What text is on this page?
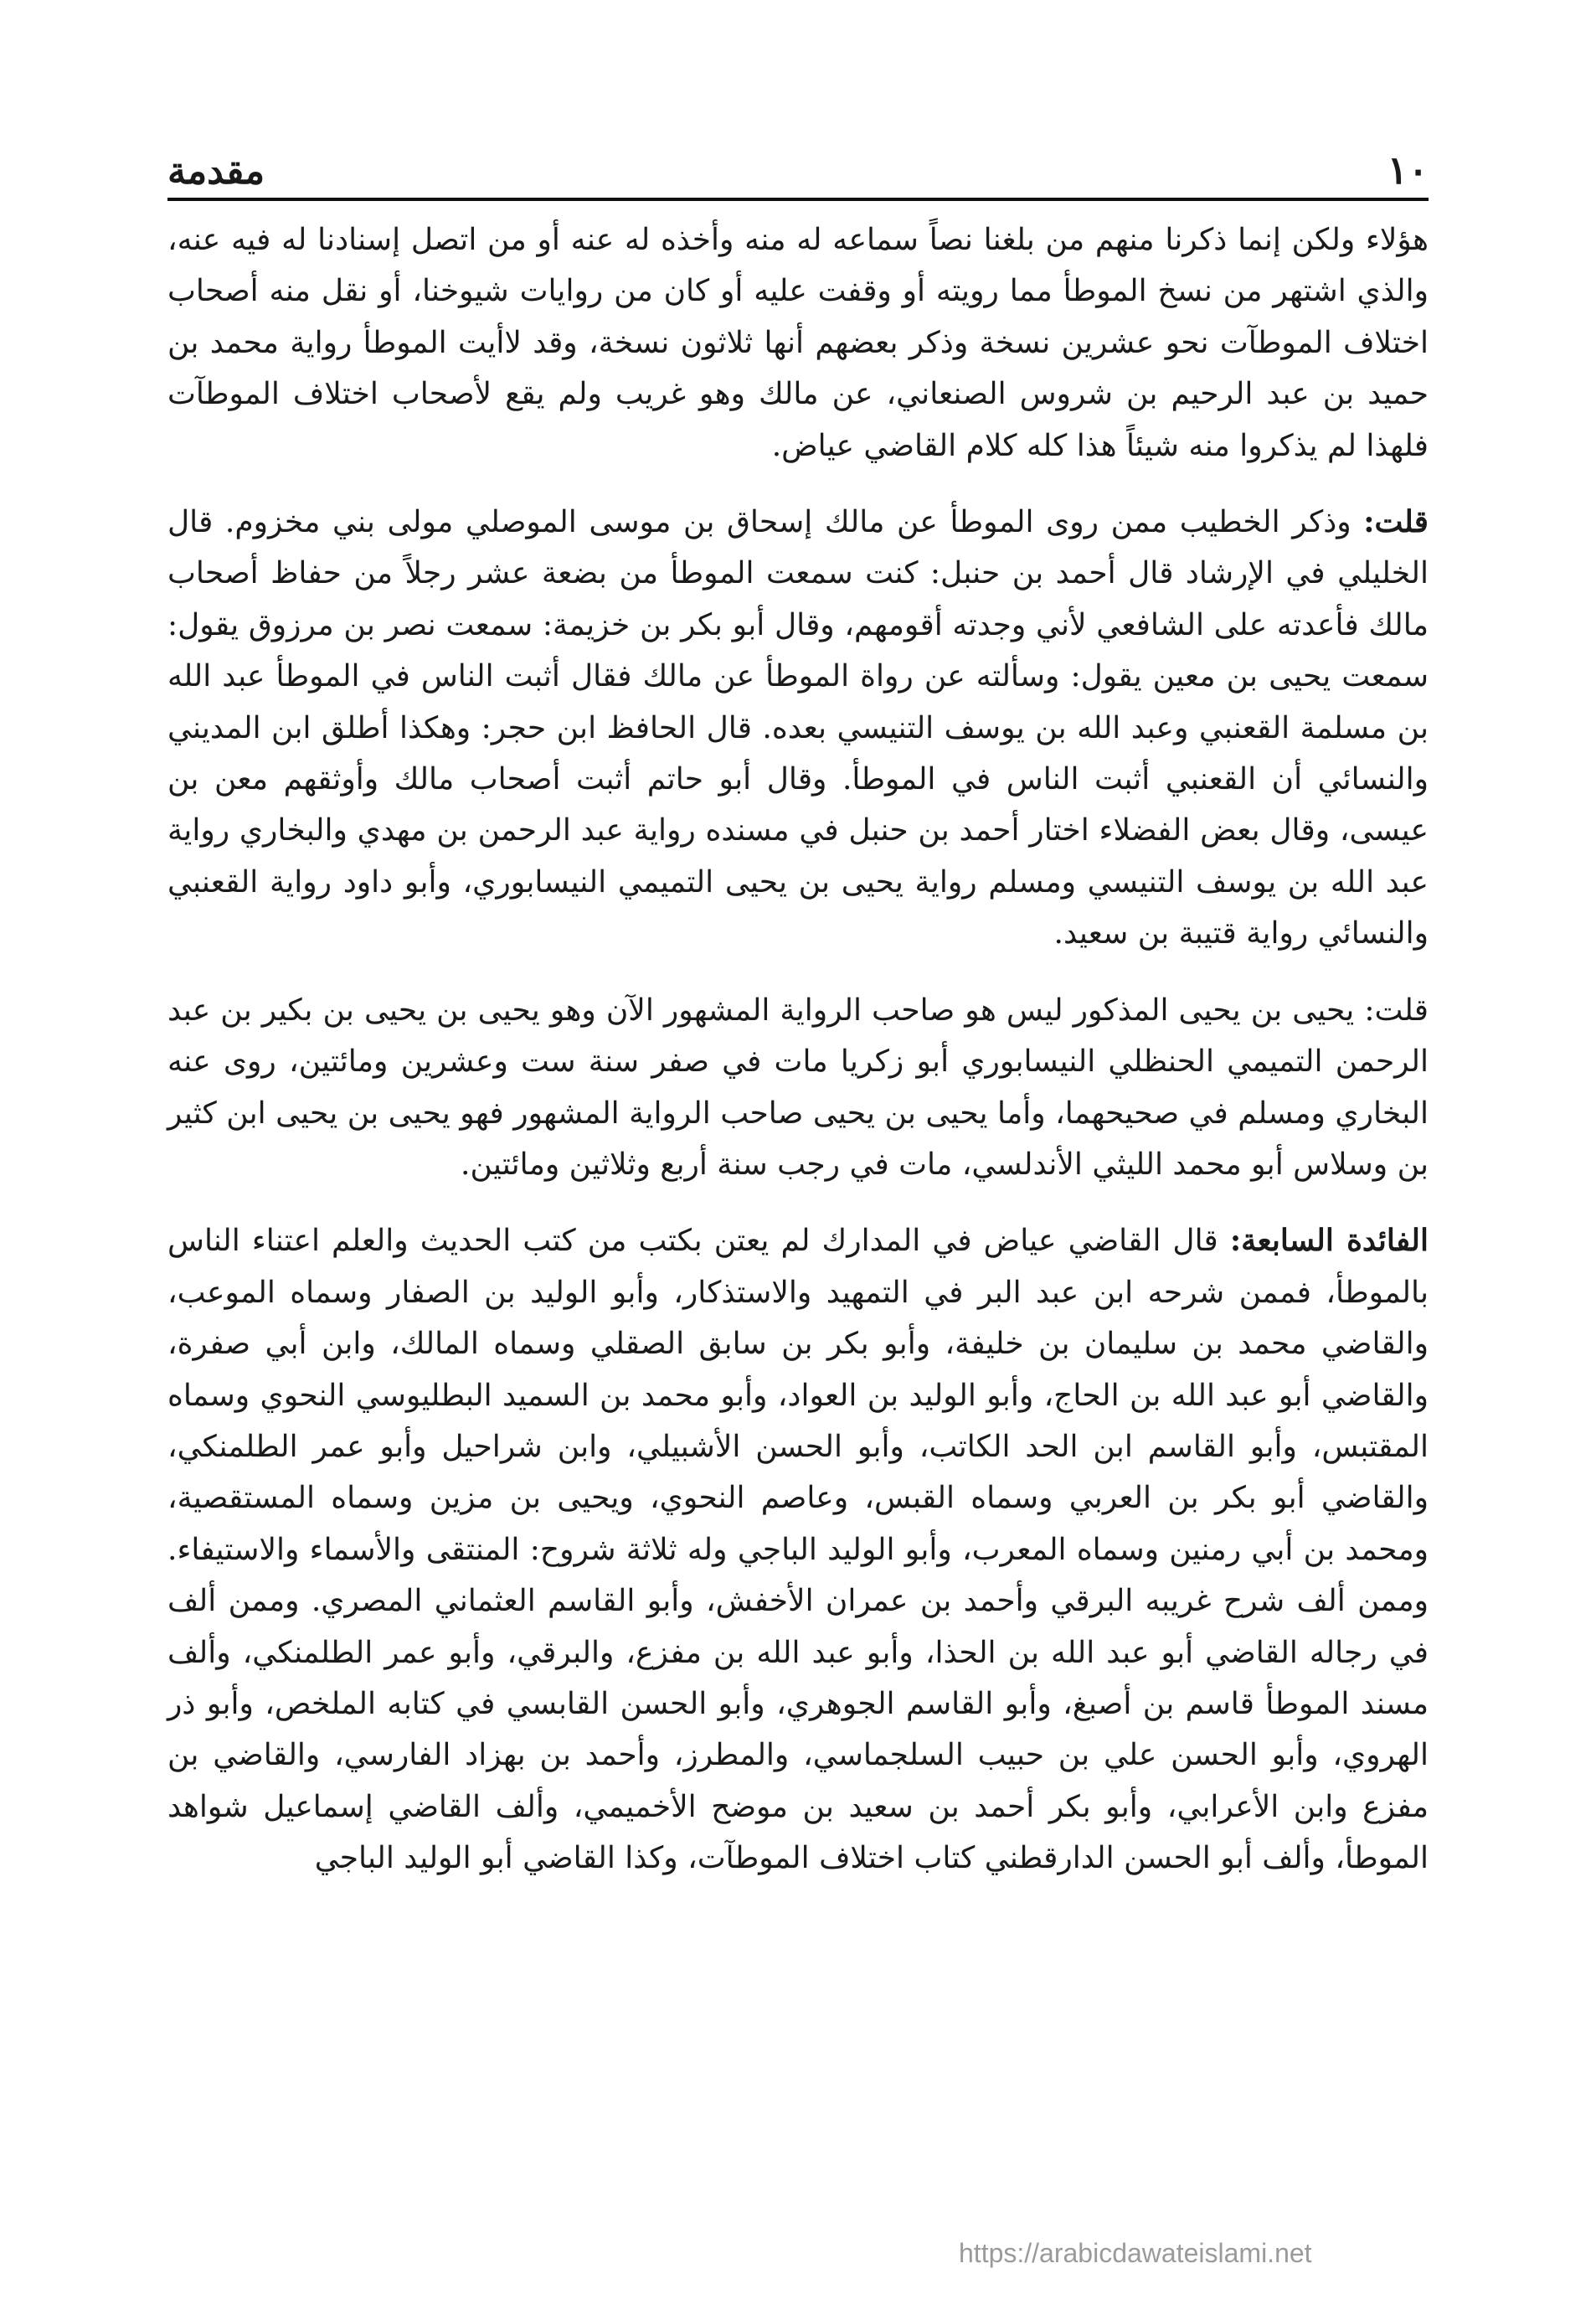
١٠
مقدمة

هؤلاء ولكن إنما ذكرنا منهم من بلغنا نصاً سماعه له منه وأخذه له عنه أو من اتصل إسنادنا له فيه عنه، والذي اشتهر من نسخ الموطأ مما رويته أو وقفت عليه أو كان من روايات شيوخنا، أو نقل منه أصحاب اختلاف الموطآت نحو عشرين نسخة وذكر بعضهم أنها ثلاثون نسخة، وقد لاأيت الموطأ رواية محمد بن حميد بن عبد الرحيم بن شروس الصنعاني، عن مالك وهو غريب ولم يقع لأصحاب اختلاف الموطآت فلهذا لم يذكروا منه شيئاً هذا كله كلام القاضي عياض.

قلت: وذكر الخطيب ممن روى الموطأ عن مالك إسحاق بن موسى الموصلي مولى بني مخزوم. قال الخليلي في الإرشاد قال أحمد بن حنبل: كنت سمعت الموطأ من بضعة عشر رجلاً من حفاظ أصحاب مالك فأعدته على الشافعي لأني وجدته أقومهم، وقال أبو بكر بن خزيمة: سمعت نصر بن مرزوق يقول: سمعت يحيى بن معين يقول: وسألته عن رواة الموطأ عن مالك فقال أثبت الناس في الموطأ عبد الله بن مسلمة القعنبي وعبد الله بن يوسف التنيسي بعده. قال الحافظ ابن حجر: وهكذا أطلق ابن المديني والنسائي أن القعنبي أثبت الناس في الموطأ. وقال أبو حاتم أثبت أصحاب مالك وأوثقهم معن بن عيسى، وقال بعض الفضلاء اختار أحمد بن حنبل في مسنده رواية عبد الرحمن بن مهدي والبخاري رواية عبد الله بن يوسف التنيسي ومسلم رواية يحيى بن يحيى التميمي النيسابوري، وأبو داود رواية القعنبي والنسائي رواية قتيبة بن سعيد.

قلت: يحيى بن يحيى المذكور ليس هو صاحب الرواية المشهور الآن وهو يحيى بن يحيى بن بكير بن عبد الرحمن التميمي الحنظلي النيسابوري أبو زكريا مات في صفر سنة ست وعشرين ومائتين، روى عنه البخاري ومسلم في صحيحهما، وأما يحيى بن يحيى صاحب الرواية المشهور فهو يحيى بن يحيى ابن كثير بن وسلاس أبو محمد الليثي الأندلسي، مات في رجب سنة أربع وثلاثين ومائتين.

الفائدة السابعة: قال القاضي عياض في المدارك لم يعتن بكتب من كتب الحديث والعلم اعتناء الناس بالموطأ، فممن شرحه ابن عبد البر في التمهيد والاستذكار، وأبو الوليد بن الصفار وسماه الموعب، والقاضي محمد بن سليمان بن خليفة، وأبو بكر بن سابق الصقلي وسماه المالك، وابن أبي صفرة، والقاضي أبو عبد الله بن الحاج، وأبو الوليد بن العواد، وأبو محمد بن السميد البطليوسي النحوي وسماه المقتبس، وأبو القاسم ابن الحد الكاتب، وأبو الحسن الأشبيلي، وابن شراحيل وأبو عمر الطلمنكي، والقاضي أبو بكر بن العربي وسماه القبس، وعاصم النحوي، ويحيى بن مزين وسماه المستقصية، ومحمد بن أبي رمنين وسماه المعرب، وأبو الوليد الباجي وله ثلاثة شروح: المنتقى والأسماء والاستيفاء. وممن ألف شرح غريبه البرقي وأحمد بن عمران الأخفش، وأبو القاسم العثماني المصري. وممن ألف في رجاله القاضي أبو عبد الله بن الحذا، وأبو عبد الله بن مفزع، والبرقي، وأبو عمر الطلمنكي، وألف مسند الموطأ قاسم بن أصبغ، وأبو القاسم الجوهري، وأبو الحسن القابسي في كتابه الملخص، وأبو ذر الهروي، وأبو الحسن علي بن حبيب السلجماسي، والمطرز، وأحمد بن بهزاد الفارسي، والقاضي بن مفزع وابن الأعرابي، وأبو بكر أحمد بن سعيد بن موضح الأخميمي، وألف القاضي إسماعيل شواهد الموطأ، وألف أبو الحسن الدارقطني كتاب اختلاف الموطآت، وكذا القاضي أبو الوليد الباجي

https://arabicdawateislami.net
